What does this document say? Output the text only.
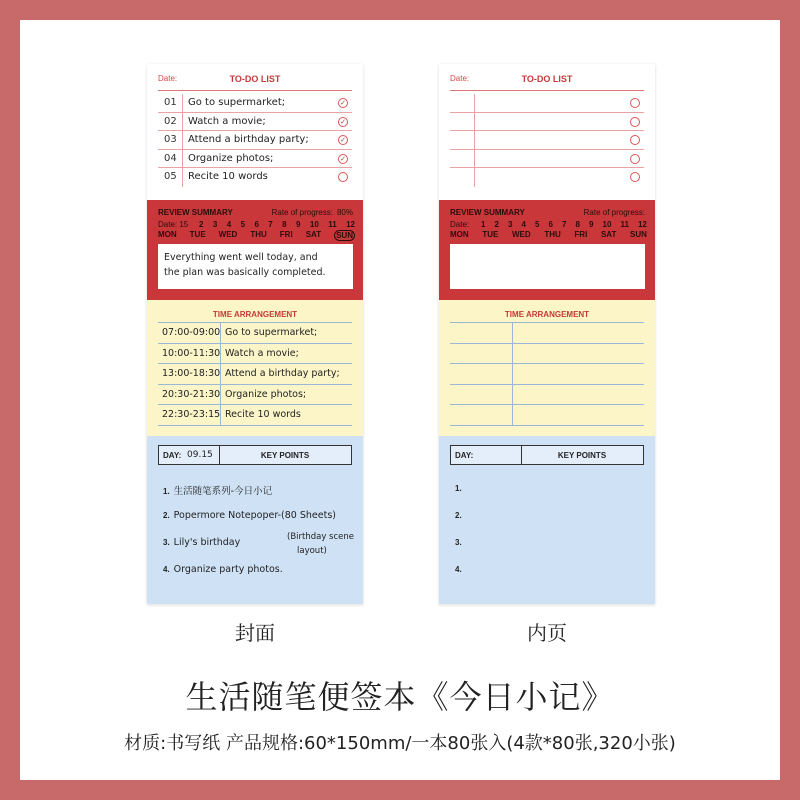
Date:	TO-DO LIST
01 Go to supermarket;	✓
02 Watch a movie;	✓
03 Attend a birthday party;	✓
04 Organize photos;	✓
05 Recite 10 words
REVIEW SUMMARY	Rate of progress: 80%
Date: 15 2 3 4 5 6 7 8 9 10 11 12
MON TUE WED THU FRI SAT SUN
Everything went well today, and
the plan was basically completed.
TIME ARRANGEMENT
07:00-09:00 Go to supermarket;
10:00-11:30 Watch a movie;
13:00-18:30 Attend a birthday party;
20:30-21:30 Organize photos;
22:30-23:15 Recite 10 words
DAY: 09.15	KEY POINTS
1. 生活随笔系列-今日小记
2. Popermore Notepoper-(80 Sheets)
3. Lily's birthday	(Birthday scene
layout)
4. Organize party photos.
Date:	TO-DO LIST
REVIEW SUMMARY	Rate of progress:
Date: 1 2 3 4 5 6 7 8 9 10 11 12
MON TUE WED THU FRI SAT SUN
TIME ARRANGEMENT
DAY:	KEY POINTS
1.
2.
3.
4.
封面	内页
生活随笔便签本《今日小记》
材质:书写纸 产品规格:60*150mm/一本80张入(4款*80张,320小张)
